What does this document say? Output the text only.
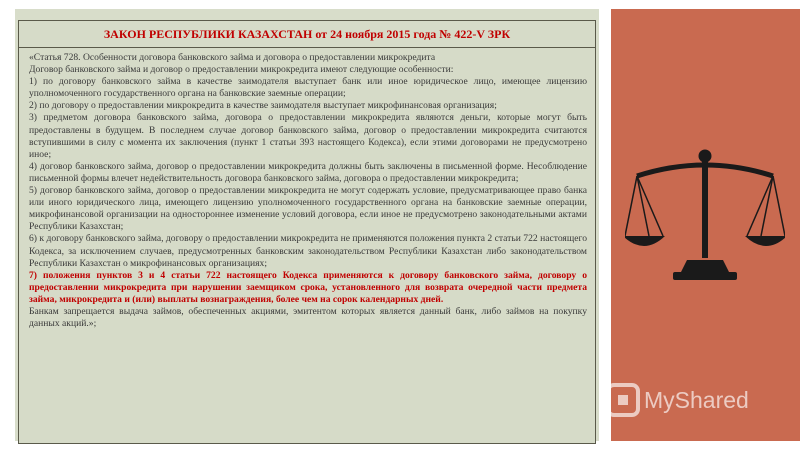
ЗАКОН РЕСПУБЛИКИ КАЗАХСТАН от 24 ноября 2015 года № 422-V ЗРК

«Статья 728. Особенности договора банковского займа и договора о предоставлении микрокредита

Договор банковского займа и договор о предоставлении микрокредита имеют следующие особенности:

1) по договору банковского займа в качестве заимодателя выступает банк или иное юридическое лицо, имеющее лицензию уполномоченного государственного органа на банковские заемные операции;

2) по договору о предоставлении микрокредита в качестве заимодателя выступает микрофинансовая организация;

3) предметом договора банковского займа, договора о предоставлении микрокредита являются деньги, которые могут быть предоставлены в будущем. В последнем случае договор банковского займа, договор о предоставлении микрокредита считаются вступившими в силу с момента их заключения (пункт 1 статьи 393 настоящего Кодекса), если этими договорами не предусмотрено иное;

4) договор банковского займа, договор о предоставлении микрокредита должны быть заключены в письменной форме. Несоблюдение письменной формы влечет недействительность договора банковского займа, договора о предоставлении микрокредита;

5) договор банковского займа, договор о предоставлении микрокредита не могут содержать условие, предусматривающее право банка или иного юридического лица, имеющего лицензию уполномоченного государственного органа на банковские заемные операции, микрофинансовой организации на одностороннее изменение условий договора, если иное не предусмотрено законодательными актами Республики Казахстан;

6) к договору банковского займа, договору о предоставлении микрокредита не применяются положения пункта 2 статьи 722 настоящего Кодекса, за исключением случаев, предусмотренных банковским законодательством Республики Казахстан либо законодательством Республики Казахстан о микрофинансовых организациях;

7) положения пунктов 3 и 4 статьи 722 настоящего Кодекса применяются к договору банковского займа, договору о предоставлении микрокредита при нарушении заемщиком срока, установленного для возврата очередной части предмета займа, микрокредита и (или) выплаты вознаграждения, более чем на сорок календарных дней.

Банкам запрещается выдача займов, обеспеченных акциями, эмитентом которых является данный банк, либо займов на покупку данных акций.»;

MyShared
